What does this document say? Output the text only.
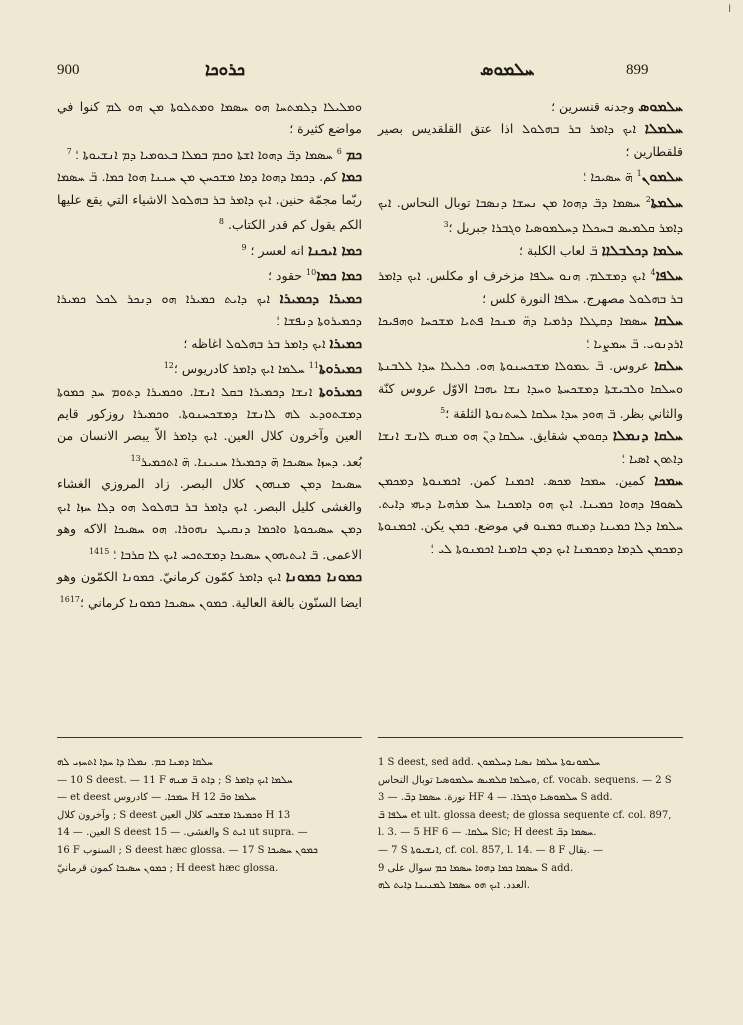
ا
900	ܟܪܘܟܐ	ܚܠܡܘܣ	899
ܘܡܠܝܠܐ ܕܠܡܬܚܐ ܗܘ ܚܣܡܐ ܘܡܬܠܘܬܐ ܡܢ ܗܘ ܠܡ كنوا في مواضع كثيرة ؛
ܟܡ $^6$ ܚܣܡܐ ܕܒ̈ ܕܗܘܐ ܐܫܬܐ ܘܟܡ ܒܡܠܐ ܒܥܘܡܝܐ ܕܡ ܐܢܫܝܘܬܐ ؛ $^7$
ܟܡܐ كم. ܕܟܡܐ ܕܗܘܐ ܕܡܐ ܡܫܟܚܢ ܡܢ ܚܢܢܐ ܗܘܐ ܟܡܐ. ܒ̈ ܚܣܡܐ ربّما مجمّة حنين. ܐܝܟ ܕܐܡܪ ܒܪ ܒܗܠܘܠ الاشياء التي يقع عليها الكم يقول كم قدر الكتاب. $^8$
ܟܡܐ ܐܝܟܢܐ انه لعسر ؛ $^9$
ܟܡܐ ܟܡܐ$^{10}$ حقود ؛
ܟܡܝܪܐ ܕܟܡܝܪܐ ܐܝܟ ܕܐܝܬ ܟܡܝܪܐ ܗܘ ܕܢܟܪ ܠܟܠ ܟܡܝܪܐ ܕܟܡܝܪܘܬܐ ܕܢܦܫܐ ؛
ܟܡܝܪܐ ܐܝܟ ܕܐܡܪ ܒܪ ܒܗܠܘܠ اغاظه ؛
ܟܡܝܪܘܬܐ$^{11}$ ܚܠܡܐ ܐܝܟ ܕܐܡܪ كادريوس ؛$^{12}$
ܟܡܝܪܘܬܐ ܐܢܫܐ ܕܟܡܝܪܐ ܒܩܠ ܐܢܫܐ. ܘܟܡܝܪܐ ܕܬܘܡ ܚܕ ܟܡܘܬܐ ܕܡܫܬܘܕܥ ܠܗ ܠܐܢܫܐ ܕܡܫܟܚܢܘܬܐ. ܘܟܡܝܪܐ روزكور قايم العين وآخرون كلال العين. ܐܝܟ ܕܐܡܪ الاّ يبصر الانسان من بُعد. ܕܚܙܐ ܚܣܝܟܐ ܗ̈ ܕܟܡܝܪܐ ܚܢܝܢܐ. ܗ̈ ܐܬܟܡܝܪ$^{13}$
ܚܣܝܟܐ ܕܡܢ ܡܢܗܘܢ كلال البصر. زاد المروزي الغشاء والغشى كليل البصر. ܐܝܟ ܕܐܡܪ ܒܪ ܒܗܠܘܠ ܗܘ ܕܠܐ ܚܙܐ ܐܝܟ ܕܡܢ ܚܣܝܟܘܬܐ ܘܐܟܡܐ ܕܢܩܝܛ ܢܗܘܪܐ. ܗܘ ܚܣܝܟܐ الاكه وهو الاعمى. ܒ̈ ܐܝܬܝܗܘܢ ܚܣܝܟܐ ܕܡܫܬܟܚ ܐܝܟ ܠܐ ܩܪܒܐ ؛ $^{1415}$
ܟܡܘܢܐ ܟܡܘܢܐ ܐܝܟ ܕܐܡܪ كمّون كرمانيّ. ܟܡܘܢܐ الكمّون وهو ايضا السنّون بالغة العالية. ܟܡܘܢ ܚܣܝܟܐ ܟܡܘܢܐ كرماني ؛$^{1617}$
ܚܠܡܘܣ وجدنه قنسرين ؛
ܚܠܡܠܐ ܐܝܟ ܕܐܡܪ ܒܪ ܒܗܠܘܠ اذا عتق القلقديس بصير قلقطارين ؛
ܚܠܡܘܢ$^1$ ܗ̈ ܚܣܝܟܐ ؛
ܚܠܡܬܐ$^2$ ܚܣܡܐ ܕܒ̈ ܕܗܘܐ ܡܢ ܢܚܫܐ ܕܢܣܒܐ توبال النحاس. ܐܝܟ ܕܐܡܪ ܩܠܡܝܣ ܒܚܟܠܐ ܕܚܠܡܘܣܝܐ ܘܓܒܪܐ جبريل ؛$^3$
ܚܠܡܐ ܕܟܠܒܠܐܐ ܒ̈ لعاب الكلبة ؛
ܚܠܦܐ$^4$ ܐܝܟ ܕܡܫܠܡ. ܗܢܘ ܚܠܦܐ مزخرف او مكلس. ܐܝܟ ܕܐܡܪ ܒܪ ܒܗܠܘܠ مصهرج. ܚܠܦܐ النورة كلس ؛
ܚܠܩܐ ܚܣܡܐ ܕܩܛܠܐ ܕܪܡܝܐ ܕܗ̈ ܡܢܟܐ ܦܬܝܐ ܡܫܟܚܐ ܘܗܦܝܟܐ ܐܪܕܢܘܝ. ܒ̈ ܚܡܨܝܐ ؛
ܚܠܩܐ عروس. ܒ̈ ܥܡܘܠܐ ܡܫܟܚܢܘܬܐ ܗܘ. ܟܠܝܠܐ ܚܕܐ ܠܠܒܢܬܐ ܘܚܠܩܐ ܘܠܒܝܫܬܐ ܕܡܫܟܚܬܐ ܘܚܕܐ ܢܫܐ ܝܗܒܐ الاوّل عروس كنّة والثاني بظر. ܒ̈ ܗܘܕ ܚܕܐ ܚܠܩܐ ܠܚܬܢܘܬܐ الثلقة ؛$^5$
ܚܠܩܐ ܕܢܡܠܐ ܕܩܘܡܢ شقايق. ܚܠܩܐ ܕܢ̈ ܗܘ ܡܢܗ ܠܐܢܫ ܐܢܫܐ ܕܐܬܘܢ ܐܣܝܐ ؛
ܚܡܟܐ كمين. ܚܡܟܐ ܡܟܣ. ܐܟܡܢܐ كمن. ܐܟܡܢܘܬܐ ܕܡܟܡܢ ܠܣܘܦܐ ܕܗܘܐ ܟܡܝܢܐ. ܐܝܟ ܗܘ ܕܐܡܟܢܐ ܚܠ ܡܪܗܝܐ ܕܝܗܝ ܕܐܝܬ. ܚܠܡܐ ܕܠܐ ܟܡܝܢܐ ܕܡܢܗ ܟܡܢܘ في موضع. ܟܡܢ يكن. ܐܟܡܢܘܬܐ ܕܡܟܡܢ ܠܕܡܐ ܕܡܟܡܢܐ ܐܝܟ ܕܡܢ ܟܐܡܢܐ ܐܟܡܢܘܬܐ ܠܝ ؛
ܚܠܩܐ ܕܡܢܐ ܟܡ. ܢܡܠܐ ܕܐ ܚܕܐ ܐܬܚܙܝ ܠܗ
— 10 S deest. — 11 F ܕܐܬ ܒ̈ ܡܢܗ ; S ܚܠܡܐ ܐܝܟ ܕܐܡܪ
— et deest ܚܡܟܐ. — كادروس H 12 ܚܠܡܐ ܘܒ̈
وآخرون كلال ; S deest ܘܟܡܝܪܐ ܡܫܟܚ كلال العين H 13
العين. — 14 S deest والغشى. — 15 S ܐܝܬ ut supra. —
16 F السنوب ; S deest hæc glossa. — 17 S ܟܡܘܢ ܚܣܝܟܐ
ܟܡܘܢ ܚܣܝܟܐ كمون قرمانيّ ; H deest hæc glossa.
1 S deest, sed add. ܚܠܡܘܢܘܬܐ ܚܠܡܐ ܢܣܝܐ ܕܚܠܡܘܢ
ܘܚܠܡܐ ܩܠܡܝܣ ܚܠܡܘܣܝܐ توبال النحاس, cf. vocab. sequens. — 2 S
نورة. ܚܣܡܐ ܕܒ̈. — 3 HF ܚܠܡܘܣܝܐ ܘܓܒܪܐ. — 4 S add.
ܚܠܦܐ ܒ̈ et ult. glossa deest; de glossa sequente cf. col. 897,
l. 3. — 5 HF ܚܠܩܐ. — 6 Sic; H deest ܚܣܡܐ ܕܒ̈.
— 7 S ܐܢܫܝܘܬܐ, cf. col. 857, l. 14. — 8 F يقال. —
ܚܣܡܐ ܟܡܐ ܕܗܘܐ ܚܣܡܐ ܟܡ سوال على 9 S add.
العدد. ܐܝܟ ܗܘ ܚܣܡܐ ܠܡܢܝܢܐ ܕܐܝܬ ܠܗ.
